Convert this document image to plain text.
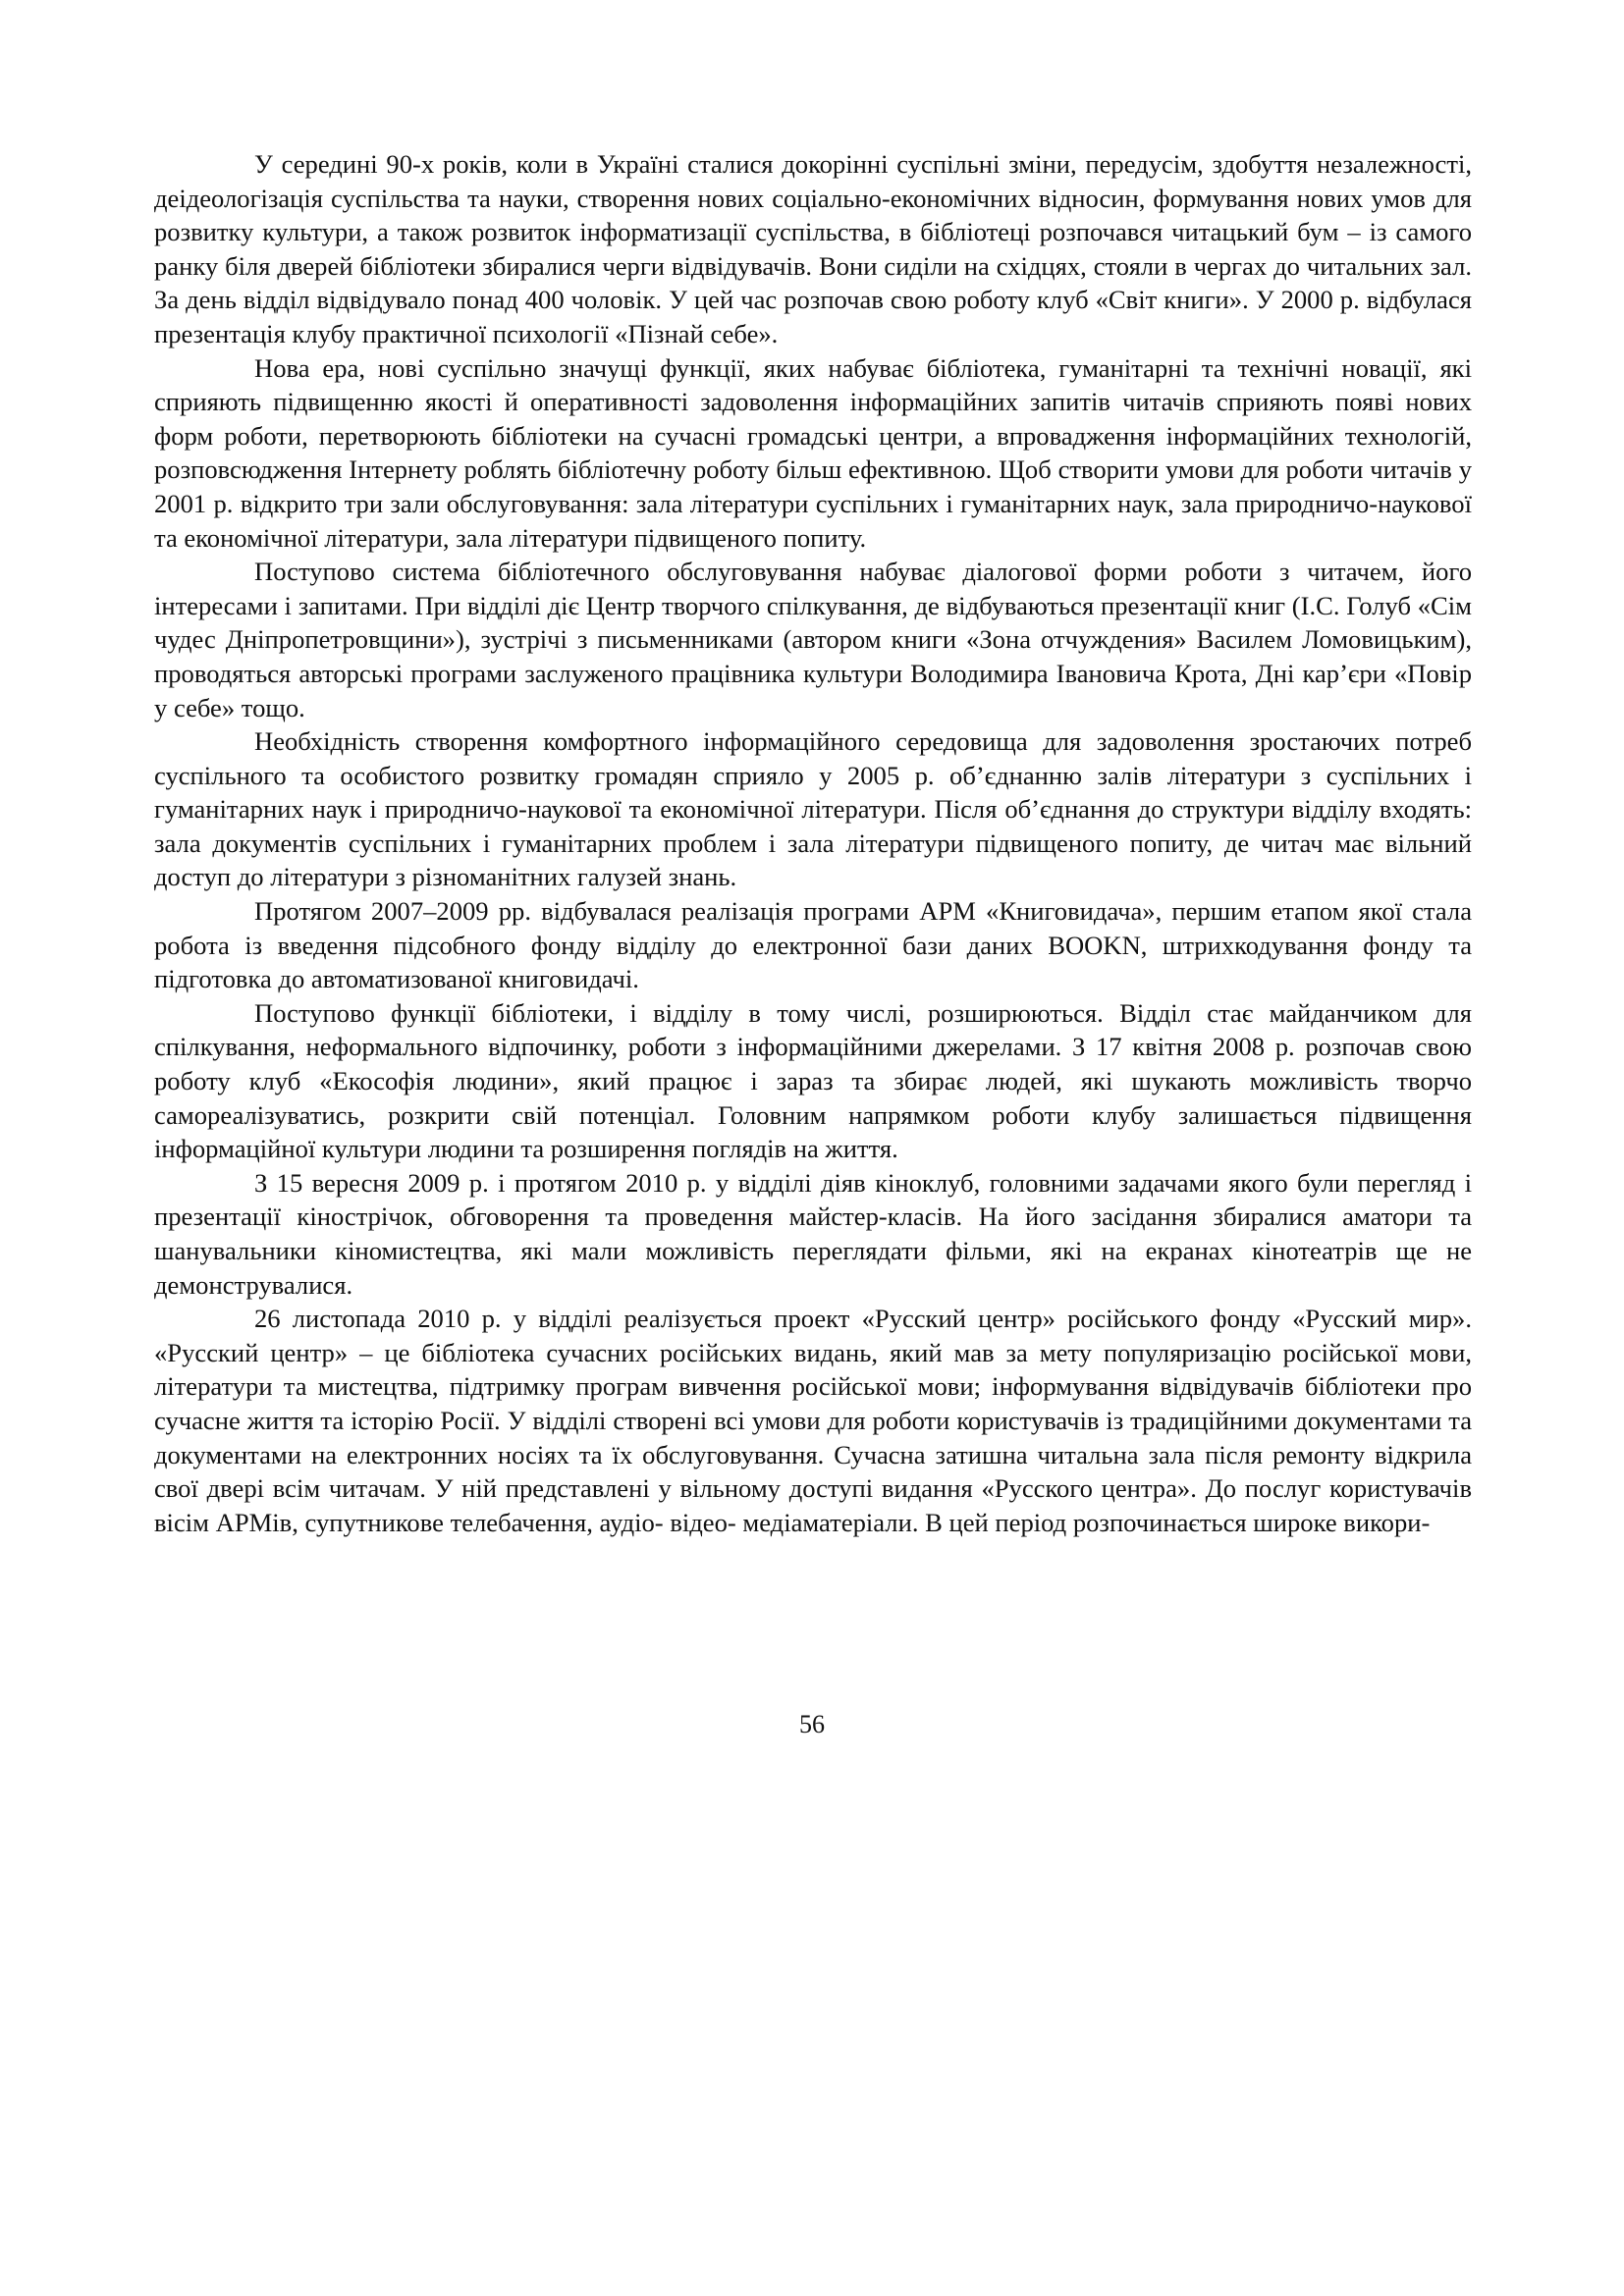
У середині 90-х років, коли в Україні сталися докорінні суспільні зміни, передусім, здобуття незалежності, деідеологізація суспільства та науки, створення нових соціально-економічних відносин, формування нових умов для розвитку культури, а також розвиток інформатизації суспільства, в бібліотеці розпочався читацький бум – із самого ранку біля дверей бібліотеки збиралися черги відвідувачів. Вони сиділи на східцях, стояли в чергах до читальних зал. За день відділ відвідувало понад 400 чоловік. У цей час розпочав свою роботу клуб «Світ книги». У 2000 р. відбулася презентація клубу практичної психології «Пізнай себе».

Нова ера, нові суспільно значущі функції, яких набуває бібліотека, гуманітарні та технічні новації, які сприяють підвищенню якості й оперативності задоволення інформаційних запитів читачів сприяють появі нових форм роботи, перетворюють бібліотеки на сучасні громадські центри, а впровадження інформаційних технологій, розповсюдження Інтернету роблять бібліотечну роботу більш ефективною. Щоб створити умови для роботи читачів у 2001 р. відкрито три зали обслуговування: зала літератури суспільних і гуманітарних наук, зала природничо-наукової та економічної літератури, зала літератури підвищеного попиту.

Поступово система бібліотечного обслуговування набуває діалогової форми роботи з читачем, його інтересами і запитами. При відділі діє Центр творчого спілкування, де відбуваються презентації книг (І.С. Голуб «Сім чудес Дніпропетровщини»), зустрічі з письменниками (автором книги «Зона отчуждения» Василем Ломовицьким), проводяться авторські програми заслуженого працівника культури Володимира Івановича Крота, Дні кар’єри «Повір у себе» тощо.

Необхідність створення комфортного інформаційного середовища для задоволення зростаючих потреб суспільного та особистого розвитку громадян сприяло у 2005 р. об’єднанню залів літератури з суспільних і гуманітарних наук і природничо-наукової та економічної літератури. Після об’єднання до структури відділу входять: зала документів суспільних і гуманітарних проблем і зала літератури підвищеного попиту, де читач має вільний доступ до літератури з різноманітних галузей знань.

Протягом 2007–2009 рр. відбувалася реалізація програми АРМ «Книговидача», першим етапом якої стала робота із введення підсобного фонду відділу до електронної бази даних BOOKN, штрихкодування фонду та підготовка до автоматизованої книговидачі.

Поступово функції бібліотеки, і відділу в тому числі, розширюються. Відділ стає майданчиком для спілкування, неформального відпочинку, роботи з інформаційними джерелами. З 17 квітня 2008 р. розпочав свою роботу клуб «Екософія людини», який працює і зараз та збирає людей, які шукають можливість творчо самореалізуватись, розкрити свій потенціал. Головним напрямком роботи клубу залишається підвищення інформаційної культури людини та розширення поглядів на життя.

З 15 вересня 2009 р. і протягом 2010 р. у відділі діяв кіноклуб, головними задачами якого були перегляд і презентації кінострічок, обговорення та проведення майстер-класів. На його засідання збиралися аматори та шанувальники кіномистецтва, які мали можливість переглядати фільми, які на екранах кінотеатрів ще не демонструвалися.

26 листопада 2010 р. у відділі реалізується проект «Русский центр» російського фонду «Русский мир». «Русский центр» – це бібліотека сучасних російських видань, який мав за мету популяризацію російської мови, літератури та мистецтва, підтримку програм вивчення російської мови; інформування відвідувачів бібліотеки про сучасне життя та історію Росії. У відділі створені всі умови для роботи користувачів із традиційними документами та документами на електронних носіях та їх обслуговування. Сучасна затишна читальна зала після ремонту відкрила свої двері всім читачам. У ній представлені у вільному доступі видання «Русского центра». До послуг користувачів вісім АРМів, супутникове телебачення, аудіо- відео- медіаматеріали. В цей період розпочинається широке викори-

56
